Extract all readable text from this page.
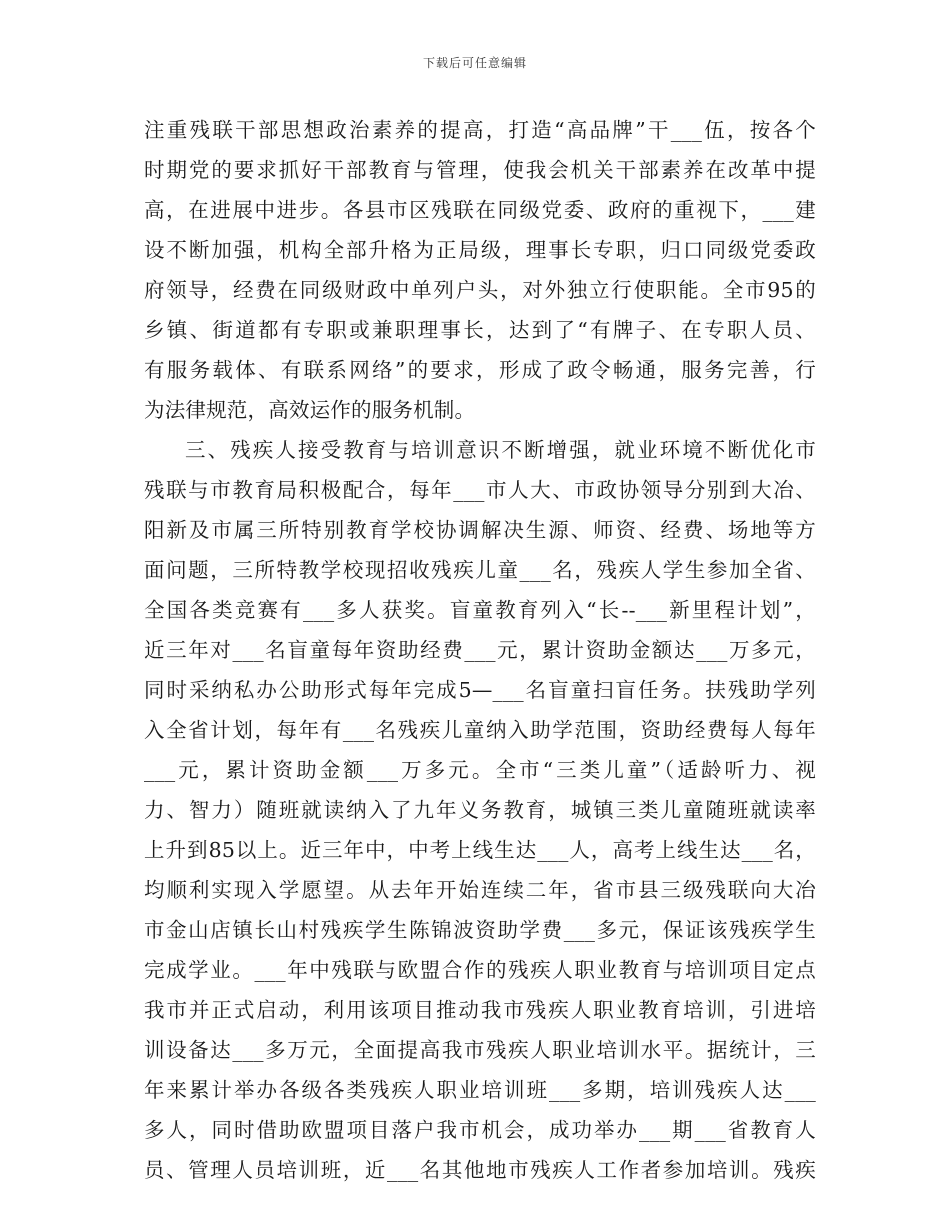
下载后可任意编辑
注重残联干部思想政治素养的提高，打造“高品牌”干___伍，按各个
时期党的要求抓好干部教育与管理，使我会机关干部素养在改革中提
高，在进展中进步。各县市区残联在同级党委、政府的重视下，___建
设不断加强，机构全部升格为正局级，理事长专职，归口同级党委政
府领导，经费在同级财政中单列户头，对外独立行使职能。全市95的
乡镇、街道都有专职或兼职理事长，达到了“有牌子、在专职人员、
有服务载体、有联系网络”的要求，形成了政令畅通，服务完善，行
为法律规范，高效运作的服务机制。
三、残疾人接受教育与培训意识不断增强，就业环境不断优化市
残联与市教育局积极配合，每年___市人大、市政协领导分别到大冶、
阳新及市属三所特别教育学校协调解决生源、师资、经费、场地等方
面问题，三所特教学校现招收残疾儿童___名，残疾人学生参加全省、
全国各类竞赛有___多人获奖。盲童教育列入“长--___新里程计划”，
近三年对___名盲童每年资助经费___元，累计资助金额达___万多元，
同时采纳私办公助形式每年完成5—___名盲童扫盲任务。扶残助学列
入全省计划，每年有___名残疾儿童纳入助学范围，资助经费每人每年
___元，累计资助金额___万多元。全市“三类儿童”（适龄听力、视
力、智力）随班就读纳入了九年义务教育，城镇三类儿童随班就读率
上升到85以上。近三年中，中考上线生达___人，高考上线生达___名，
均顺利实现入学愿望。从去年开始连续二年，省市县三级残联向大冶
市金山店镇长山村残疾学生陈锦波资助学费___多元，保证该残疾学生
完成学业。___年中残联与欧盟合作的残疾人职业教育与培训项目定点
我市并正式启动，利用该项目推动我市残疾人职业教育培训，引进培
训设备达___多万元，全面提高我市残疾人职业培训水平。据统计，三
年来累计举办各级各类残疾人职业培训班___多期，培训残疾人达___
多人，同时借助欧盟项目落户我市机会，成功举办___期___省教育人
员、管理人员培训班，近___名其他地市残疾人工作者参加培训。残疾
